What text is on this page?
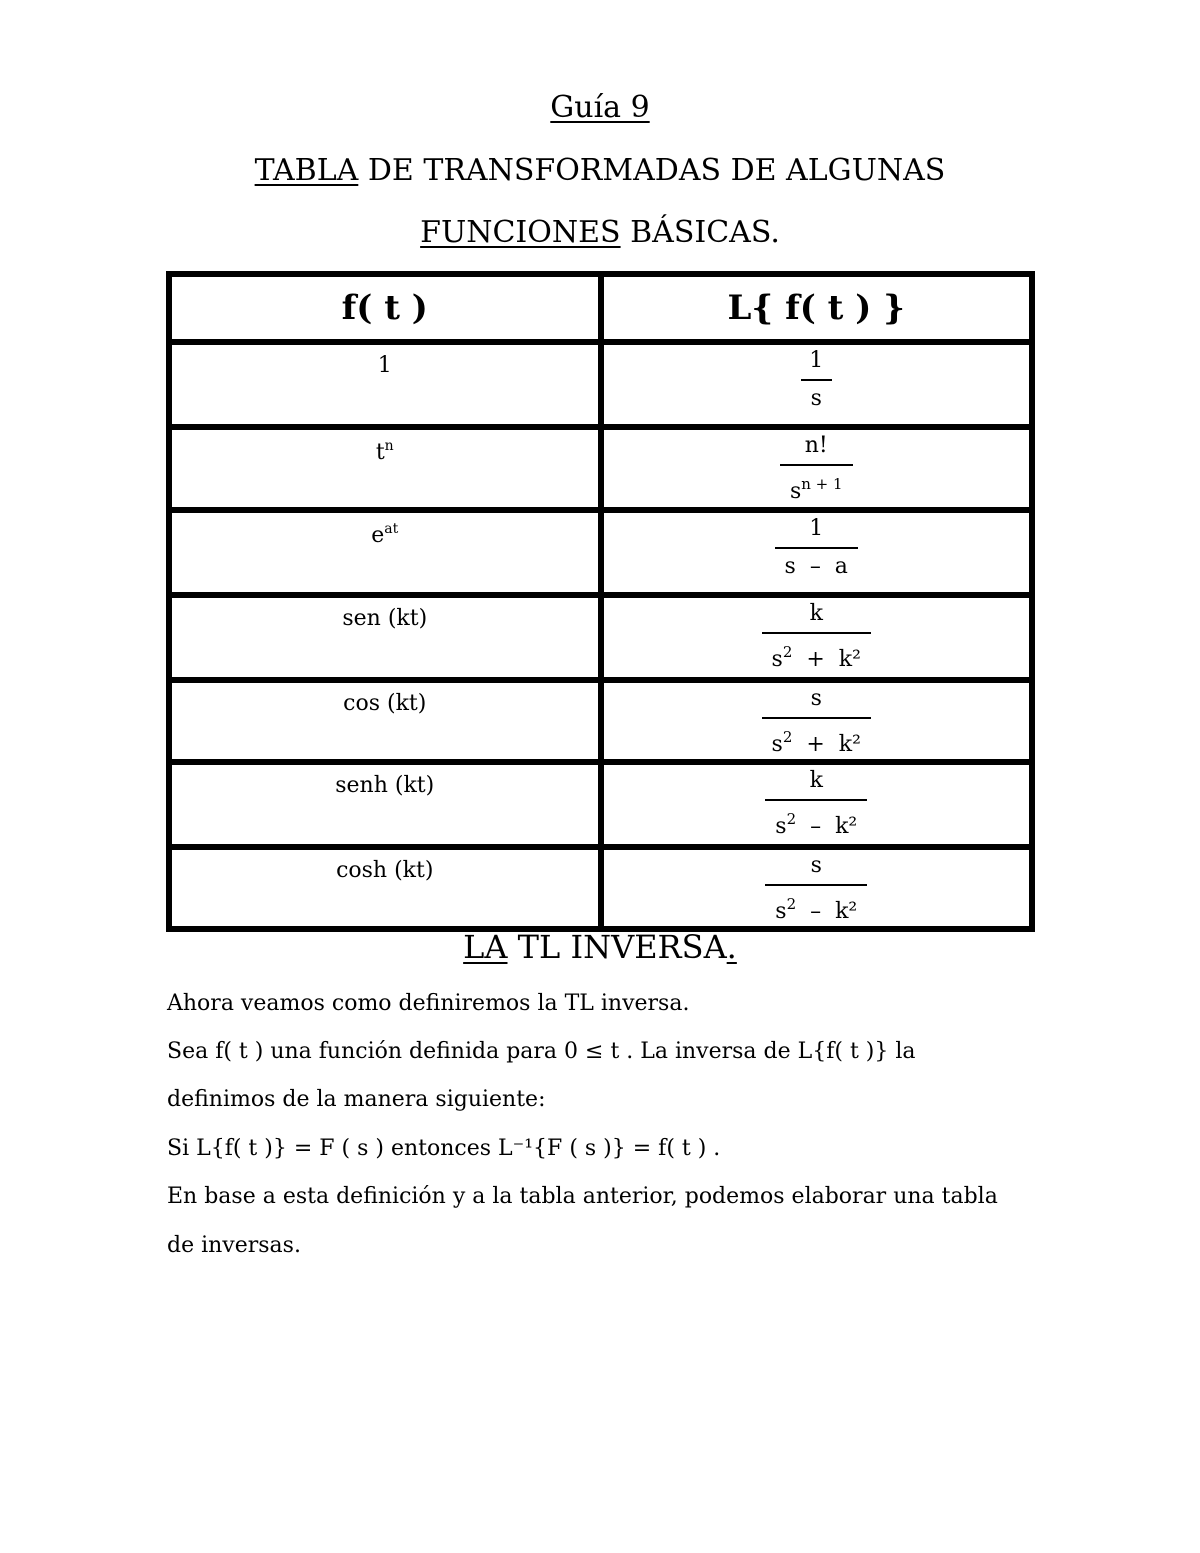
Guía 9
TABLA DE TRANSFORMADAS DE ALGUNAS
FUNCIONES BÁSICAS.
f( t )	L{ f( t ) }
1	$\frac{1}{s}$

$t^n$	$\frac{n!}{s^{n + 1}}$

$e^{at}$	$\frac{1}{s - a}$

sen (kt)	$\frac{k}{s^2 + k^2}$

cos (kt)	$\frac{s}{s^2 + k^2}$

senh (kt)	$\frac{k}{s^2 - k^2}$

cosh (kt)	$\frac{s}{s^2 - k^2}$
LA TL INVERSA.
Ahora veamos como definiremos la TL inversa.
Sea f( t ) una función definida para 0 ≤ t . La inversa de L{f( t )} la
definimos de la manera siguiente:
Si L{f( t )} = F ( s ) entonces L⁻¹{F ( s )} = f( t ) .
En base a esta definición y a la tabla anterior, podemos elaborar una tabla
de inversas.
